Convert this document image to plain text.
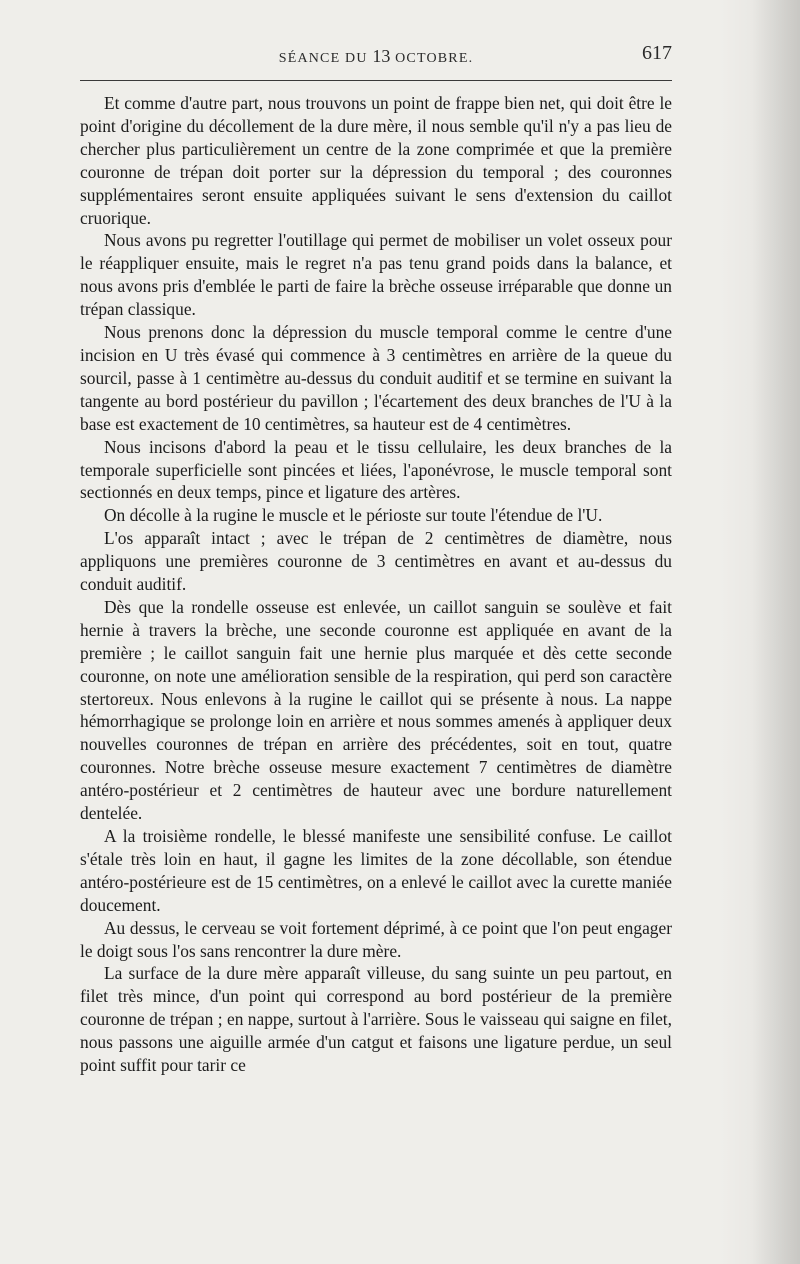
SÉANCE DU 13 OCTOBRE.	617

Et comme d'autre part, nous trouvons un point de frappe bien net, qui doit être le point d'origine du décollement de la dure mère, il nous semble qu'il n'y a pas lieu de chercher plus particulièrement un centre de la zone comprimée et que la première couronne de trépan doit porter sur la dépression du temporal ; des couronnes supplémentaires seront ensuite appliquées suivant le sens d'extension du caillot cruorique.

Nous avons pu regretter l'outillage qui permet de mobiliser un volet osseux pour le réappliquer ensuite, mais le regret n'a pas tenu grand poids dans la balance, et nous avons pris d'emblée le parti de faire la brèche osseuse irréparable que donne un trépan classique.

Nous prenons donc la dépression du muscle temporal comme le centre d'une incision en U très évasé qui commence à 3 centimètres en arrière de la queue du sourcil, passe à 1 centimètre au-dessus du conduit auditif et se termine en suivant la tangente au bord postérieur du pavillon ; l'écartement des deux branches de l'U à la base est exactement de 10 centimètres, sa hauteur est de 4 centimètres.

Nous incisons d'abord la peau et le tissu cellulaire, les deux branches de la temporale superficielle sont pincées et liées, l'aponévrose, le muscle temporal sont sectionnés en deux temps, pince et ligature des artères.

On décolle à la rugine le muscle et le périoste sur toute l'étendue de l'U.

L'os apparaît intact ; avec le trépan de 2 centimètres de diamètre, nous appliquons une premières couronne de 3 centimètres en avant et au-dessus du conduit auditif.

Dès que la rondelle osseuse est enlevée, un caillot sanguin se soulève et fait hernie à travers la brèche, une seconde couronne est appliquée en avant de la première ; le caillot sanguin fait une hernie plus marquée et dès cette seconde couronne, on note une amélioration sensible de la respiration, qui perd son caractère stertoreux. Nous enlevons à la rugine le caillot qui se présente à nous. La nappe hémorrhagique se prolonge loin en arrière et nous sommes amenés à appliquer deux nouvelles couronnes de trépan en arrière des précédentes, soit en tout, quatre couronnes. Notre brèche osseuse mesure exactement 7 centimètres de diamètre antéro-postérieur et 2 centimètres de hauteur avec une bordure naturellement dentelée.

A la troisième rondelle, le blessé manifeste une sensibilité confuse. Le caillot s'étale très loin en haut, il gagne les limites de la zone décollable, son étendue antéro-postérieure est de 15 centimètres, on a enlevé le caillot avec la curette maniée doucement.

Au dessus, le cerveau se voit fortement déprimé, à ce point que l'on peut engager le doigt sous l'os sans rencontrer la dure mère.

La surface de la dure mère apparaît villeuse, du sang suinte un peu partout, en filet très mince, d'un point qui correspond au bord postérieur de la première couronne de trépan ; en nappe, surtout à l'arrière. Sous le vaisseau qui saigne en filet, nous passons une aiguille armée d'un catgut et faisons une ligature perdue, un seul point suffit pour tarir ce
